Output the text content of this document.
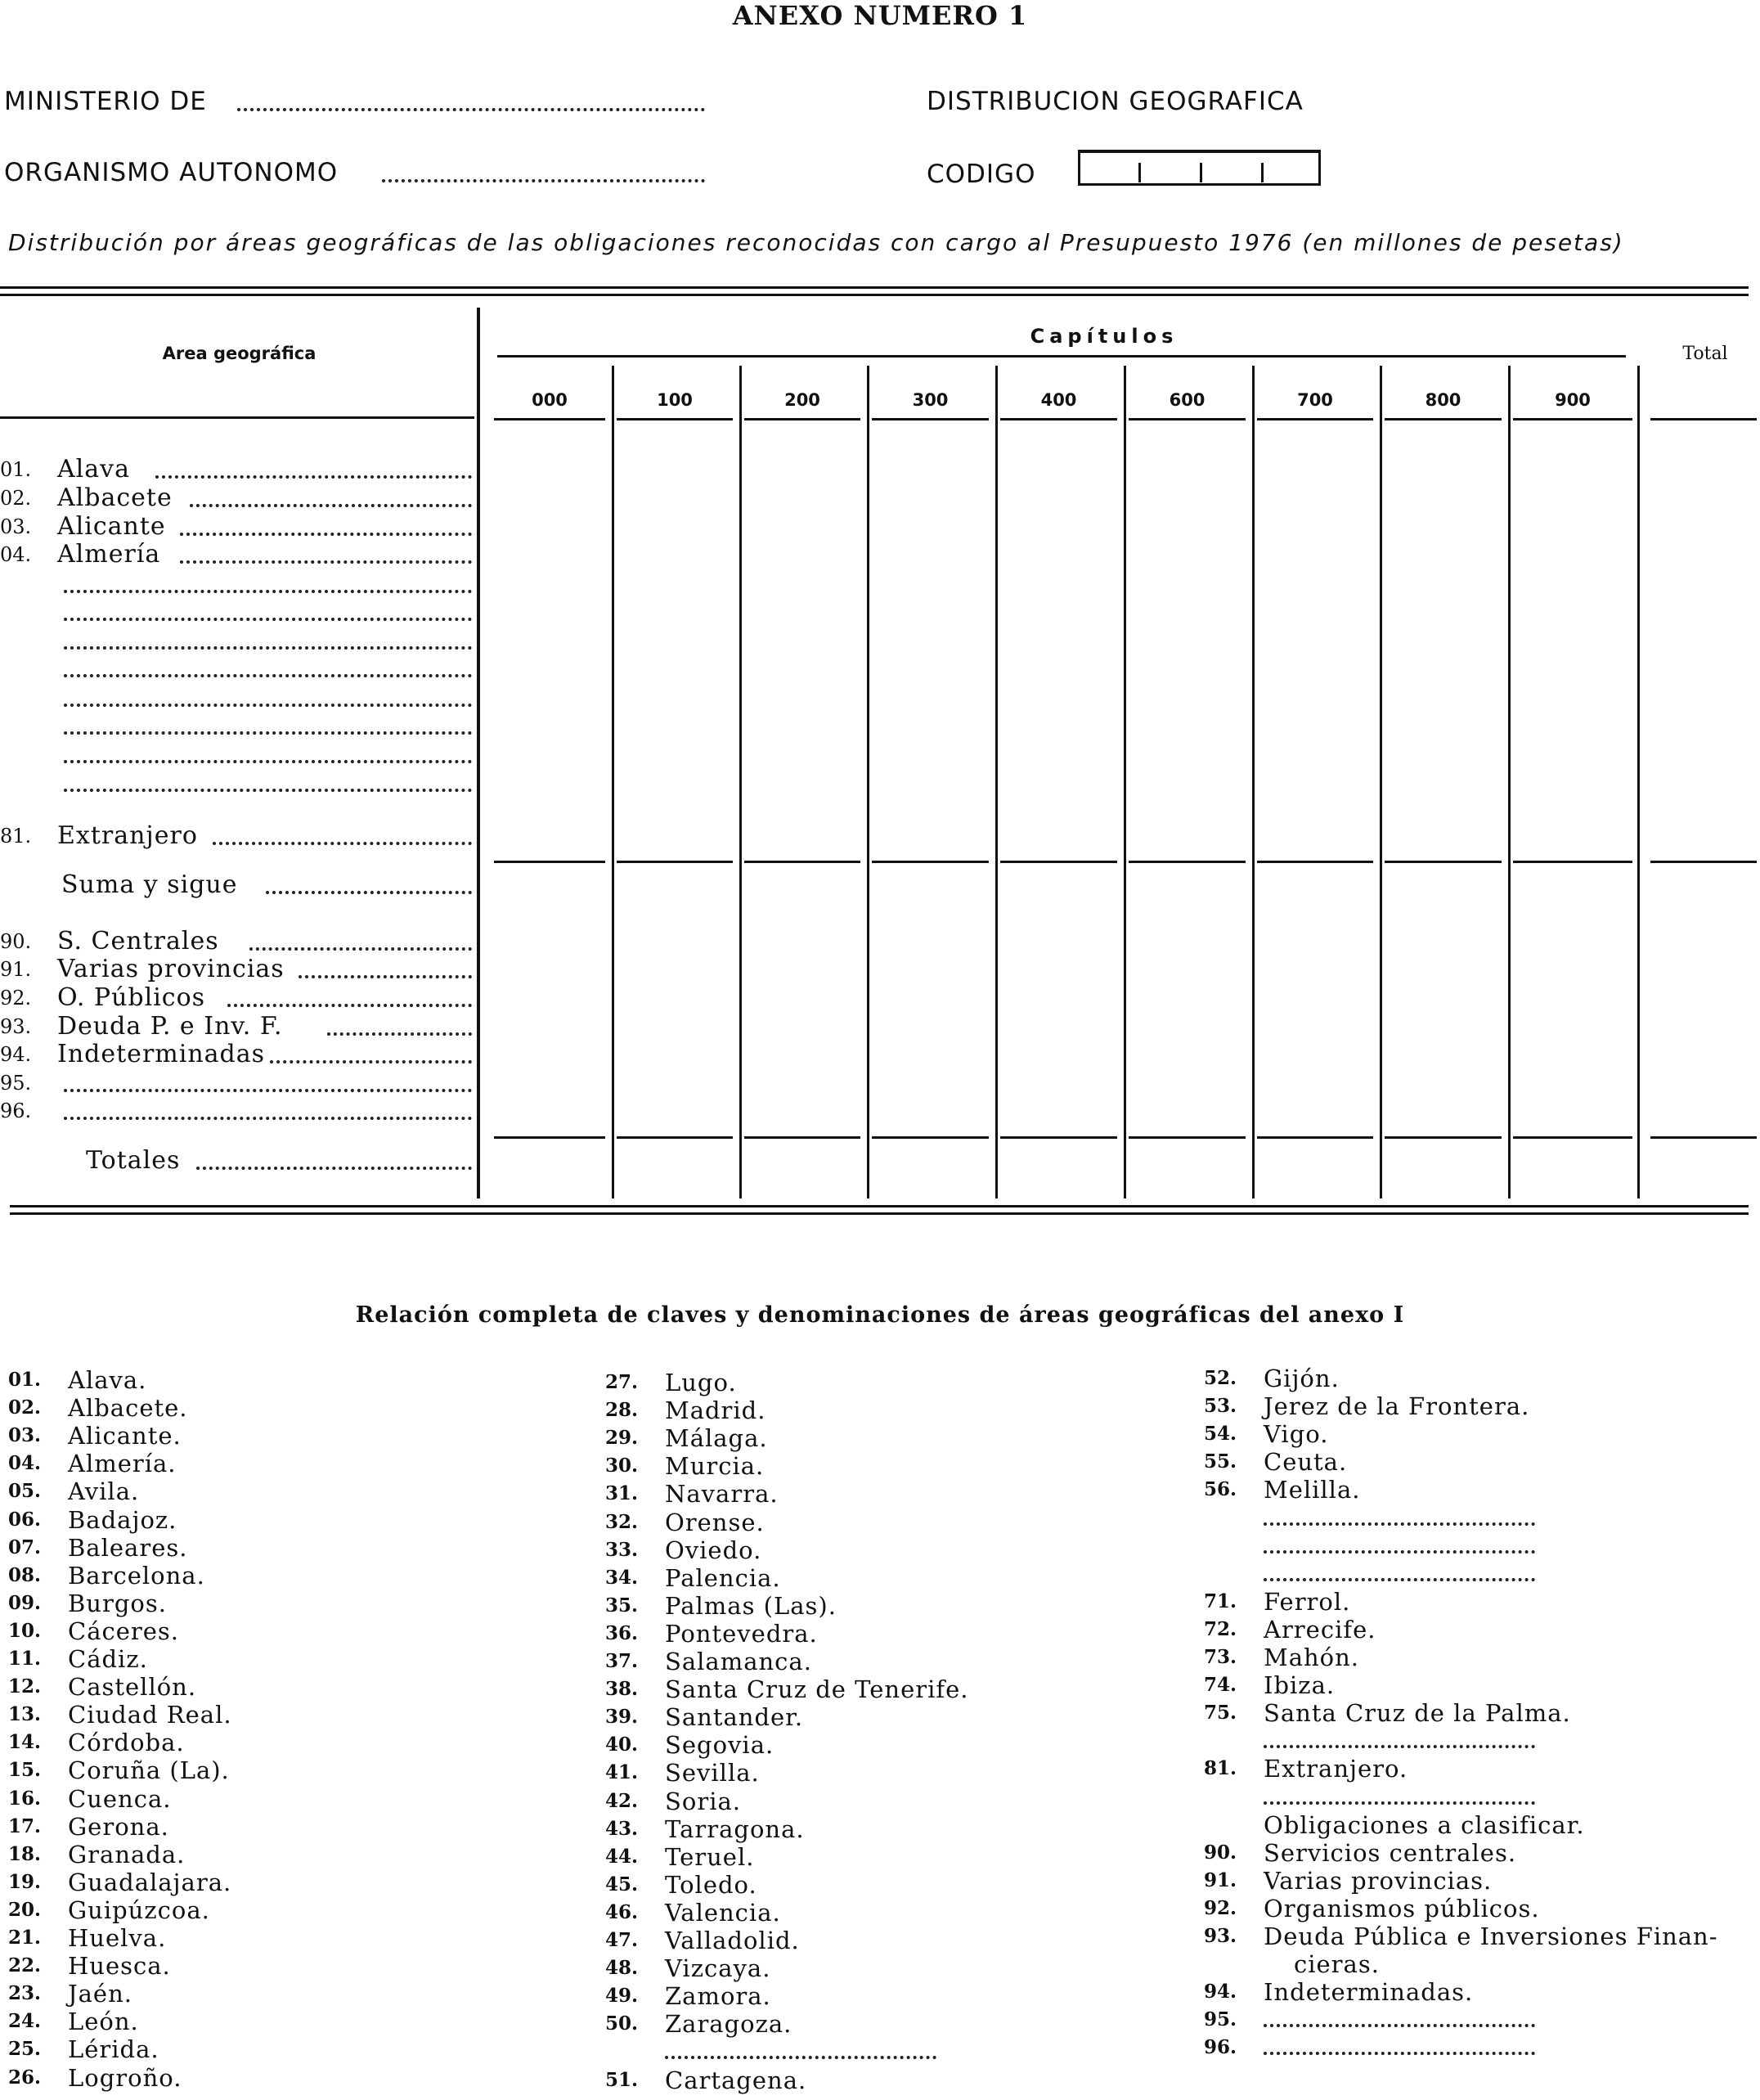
ANEXO NUMERO 1
MINISTERIO DE
ORGANISMO AUTONOMO
DISTRIBUCION GEOGRAFICA
CODIGO
Distribución por áreas geográficas de las obligaciones reconocidas con cargo al Presupuesto 1976 (en millones de pesetas)
Area geográfica
Capítulos
Total
000	100	200	300	400	600	700	800	900
01. Alava
02. Albacete
03. Alicante
04. Almería
81. Extranjero
Suma y sigue
90. S. Centrales
91. Varias provincias
92. O. Públicos
93. Deuda P. e Inv. F.
94. Indeterminadas
95.
96.
Totales
Relación completa de claves y denominaciones de áreas geográficas del anexo I
01. Alava.
02. Albacete.
03. Alicante.
04. Almería.
05. Avila.
06. Badajoz.
07. Baleares.
08. Barcelona.
09. Burgos.
10. Cáceres.
11. Cádiz.
12. Castellón.
13. Ciudad Real.
14. Córdoba.
15. Coruña (La).
16. Cuenca.
17. Gerona.
18. Granada.
19. Guadalajara.
20. Guipúzcoa.
21. Huelva.
22. Huesca.
23. Jaén.
24. León.
25. Lérida.
26. Logroño.
27. Lugo.
28. Madrid.
29. Málaga.
30. Murcia.
31. Navarra.
32. Orense.
33. Oviedo.
34. Palencia.
35. Palmas (Las).
36. Pontevedra.
37. Salamanca.
38. Santa Cruz de Tenerife.
39. Santander.
40. Segovia.
41. Sevilla.
42. Soria.
43. Tarragona.
44. Teruel.
45. Toledo.
46. Valencia.
47. Valladolid.
48. Vizcaya.
49. Zamora.
50. Zaragoza.
51. Cartagena.
52. Gijón.
53. Jerez de la Frontera.
54. Vigo.
55. Ceuta.
56. Melilla.
71. Ferrol.
72. Arrecife.
73. Mahón.
74. Ibiza.
75. Santa Cruz de la Palma.
81. Extranjero.
Obligaciones a clasificar.
90. Servicios centrales.
91. Varias provincias.
92. Organismos públicos.
93. Deuda Pública e Inversiones Finan-
cieras.
94. Indeterminadas.
95.
96.
